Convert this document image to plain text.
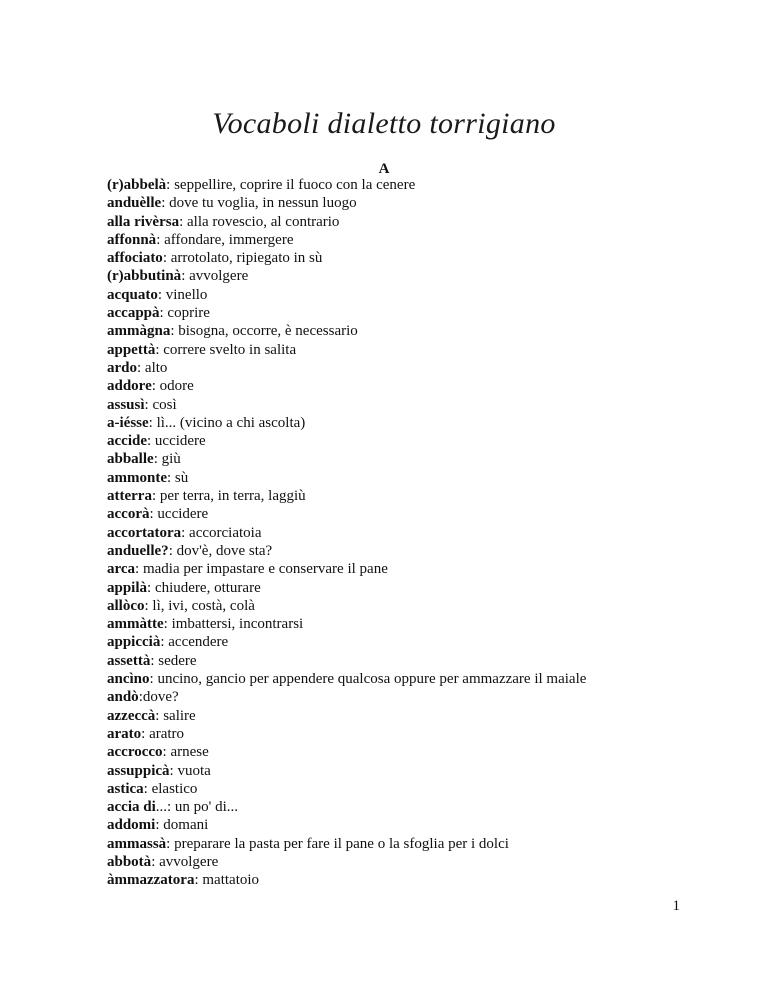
Vocaboli dialetto torrigiano
A
(r)abbelà: seppellire, coprire il fuoco con la cenere
anduèlle: dove tu voglia, in nessun luogo
alla rivèrsa: alla rovescio, al contrario
affonnà: affondare, immergere
affociato: arrotolato, ripiegato in sù
(r)abbutinà: avvolgere
acquato: vinello
accappà: coprire
ammàgna: bisogna, occorre, è necessario
appettà: correre svelto in salita
ardo: alto
addore: odore
assusì: così
a-iésse: lì... (vicino a chi ascolta)
accide: uccidere
abballe: giù
ammonte: sù
atterra: per terra, in terra, laggiù
accorà: uccidere
accortatora: accorciatoia
anduelle?: dov'è, dove sta?
arca: madia per impastare e conservare il pane
appilà: chiudere, otturare
allòco: lì, ivi, costà, colà
ammàtte: imbattersi, incontrarsi
appiccià: accendere
assettà: sedere
ancìno: uncino, gancio per appendere qualcosa oppure per ammazzare il maiale
andò:dove?
azzeccà: salire
arato: aratro
accrocco: arnese
assuppicà: vuota
astica: elastico
accia di...: un po' di...
addomi: domani
ammassà: preparare la pasta per fare il pane o la sfoglia per i dolci
abbotà: avvolgere
àmmazzatora: mattatoio
1
